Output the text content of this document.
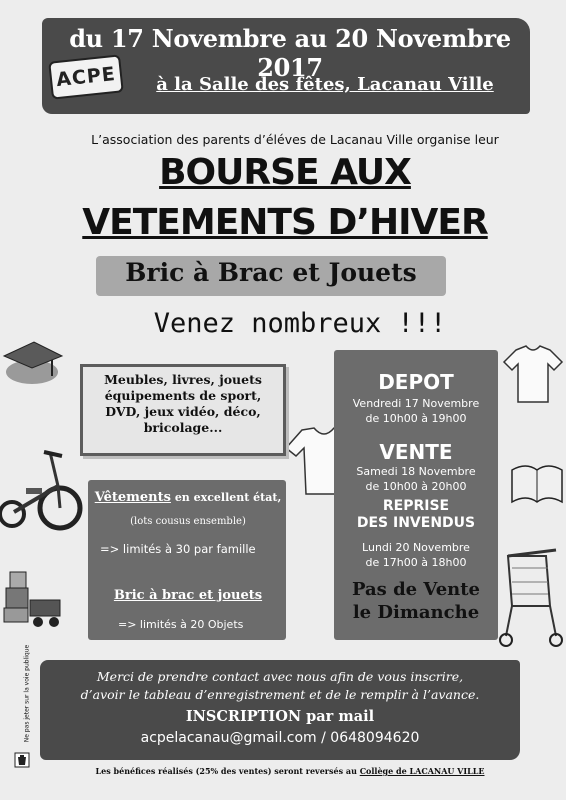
du 17 Novembre au 20 Novembre 2017
ACPE	à la Salle des fêtes, Lacanau Ville
L’association des parents d’éléves de Lacanau Ville organise leur
BOURSE AUX
VETEMENTS D’HIVER
Bric à Brac et Jouets
Venez nombreux !!!
Meubles, livres, jouets
équipements de sport,
DVD, jeux vidéo, déco,
bricolage...
Vêtements en excellent état,
(lots cousus ensemble)
=> limités à 30 par famille
Bric à brac et jouets
=> limités à 20 Objets
DEPOT
Vendredi 17 Novembre
de 10h00 à 19h00
VENTE
Samedi 18 Novembre
de 10h00 à 20h00
REPRISE
DES INVENDUS
Lundi 20 Novembre
de 17h00 à 18h00
Pas de Vente
le Dimanche
Merci de prendre contact avec nous afin de vous inscrire,
d’avoir le tableau d’enregistrement et de le remplir à l’avance.
INSCRIPTION par mail
acpelacanau@gmail.com / 0648094620
Les bénéfices réalisés (25% des ventes) seront reversés au Collège de LACANAU VILLE
Ne pas jeter sur la voie publique
